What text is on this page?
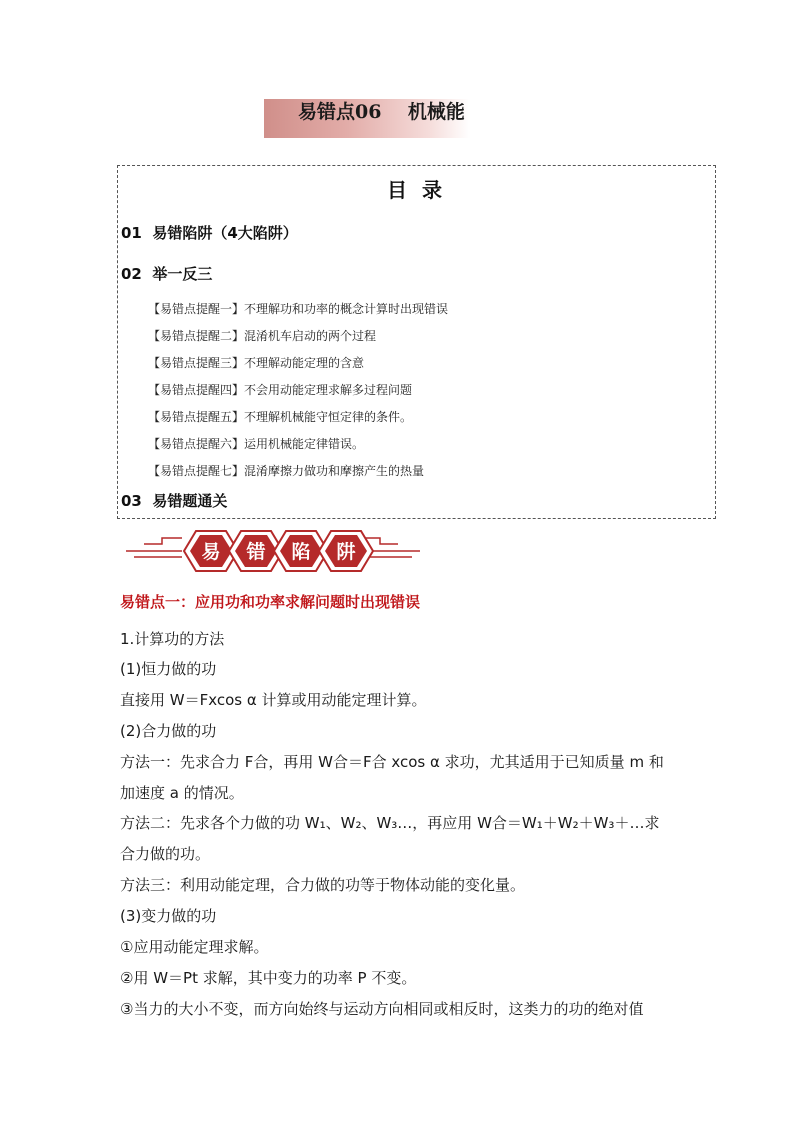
易错点06    机械能
目 录
01  易错陷阱（4大陷阱）
02  举一反三
【易错点提醒一】不理解功和功率的概念计算时出现错误
【易错点提醒二】混淆机车启动的两个过程
【易错点提醒三】不理解动能定理的含意
【易错点提醒四】不会用动能定理求解多过程问题
【易错点提醒五】不理解机械能守恒定律的条件。
【易错点提醒六】运用机械能定律错误。
【易错点提醒七】混淆摩擦力做功和摩擦产生的热量
03  易错题通关
易 错 陷 阱
易错点一：应用功和功率求解问题时出现错误
1.计算功的方法
(1)恒力做的功
直接用 W＝Fxcos α 计算或用动能定理计算。
(2)合力做的功
方法一：先求合力 F合，再用 W合＝F合 xcos α 求功，尤其适用于已知质量 m 和
加速度 a 的情况。
方法二：先求各个力做的功 W₁、W₂、W₃…，再应用 W合＝W₁＋W₂＋W₃＋…求
合力做的功。
方法三：利用动能定理，合力做的功等于物体动能的变化量。
(3)变力做的功
①应用动能定理求解。
②用 W＝Pt 求解，其中变力的功率 P 不变。
③当力的大小不变，而方向始终与运动方向相同或相反时，这类力的功的绝对值
